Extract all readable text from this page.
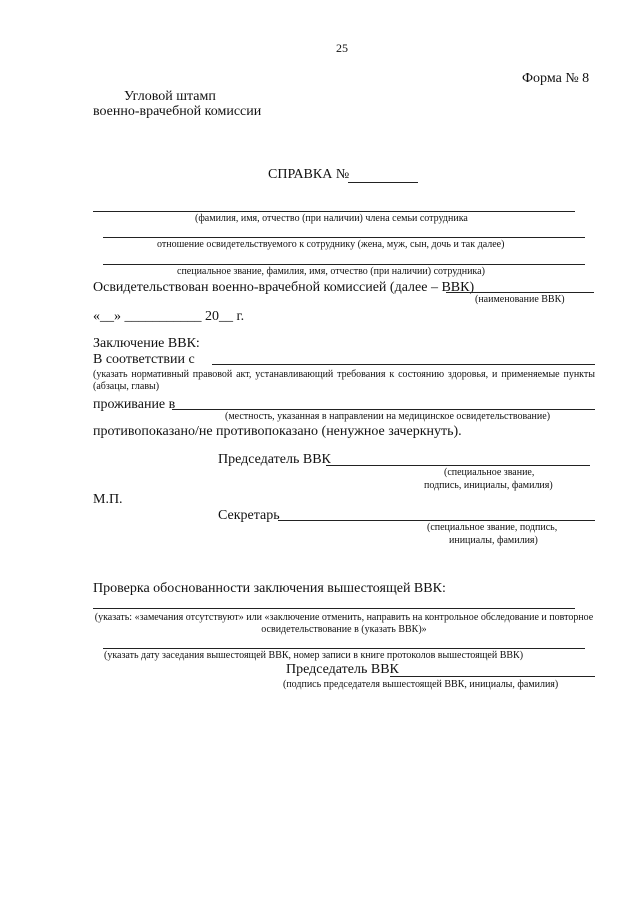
25
Форма № 8
Угловой штамп
военно-врачебной комиссии
СПРАВКА №
(фамилия, имя, отчество (при наличии) члена семьи сотрудника
отношение освидетельствуемого к сотруднику (жена, муж, сын, дочь и так далее)
специальное звание, фамилия, имя, отчество (при наличии) сотрудника)
Освидетельствован военно-врачебной комиссией (далее – ВВК)
(наименование ВВК)
«__» ___________ 20__ г.
Заключение ВВК:
В соответствии с
(указать нормативный правовой акт, устанавливающий требования к состоянию здоровья, и применяемые пункты (абзацы, главы)
проживание в
(местность, указанная в направлении на медицинское освидетельствование)
противопоказано/не противопоказано (ненужное зачеркнуть).
Председатель ВВК
(специальное звание,
подпись, инициалы, фамилия)
М.П.
Секретарь
(специальное звание, подпись,
инициалы, фамилия)
Проверка обоснованности заключения вышестоящей ВВК:
(указать: «замечания отсутствуют» или «заключение отменить, направить на контрольное обследование и повторное освидетельствование в (указать ВВК)»
(указать дату заседания вышестоящей ВВК, номер записи в книге протоколов вышестоящей ВВК)
Председатель ВВК
(подпись председателя вышестоящей ВВК, инициалы, фамилия)
